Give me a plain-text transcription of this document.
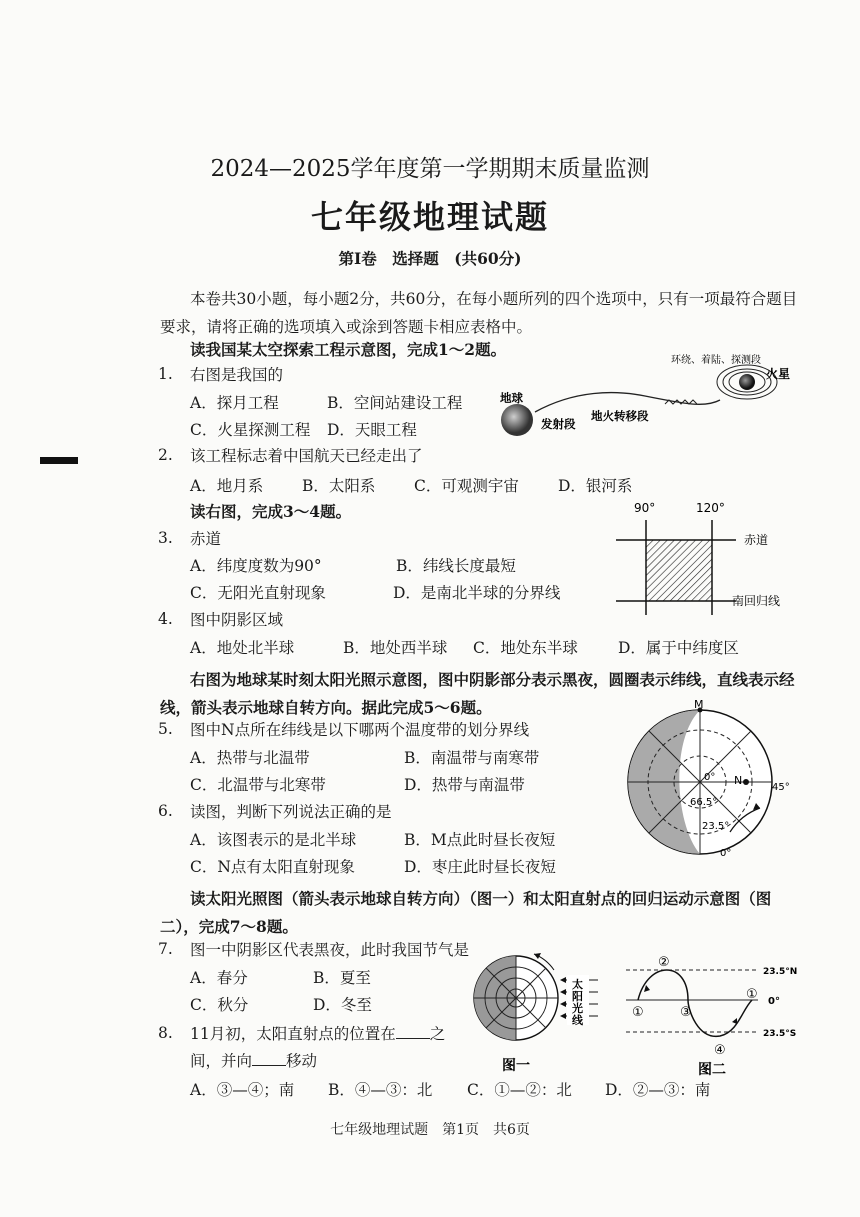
2024—2025学年度第一学期期末质量监测
七年级地理试题
第Ⅰ卷　选择题　(共60分)
本卷共30小题，每小题2分，共60分，在每小题所列的四个选项中，只有一项最符合题目要求，请将正确的选项填入或涂到答题卡相应表格中。
读我国某太空探索工程示意图，完成1～2题。
1. 右图是我国的
A．探月工程	B．空间站建设工程
C．火星探测工程 D．天眼工程
2. 该工程标志着中国航天已经走出了
A．地月系	B．太阳系 C．可观测宇宙	D．银河系
读右图，完成3～4题。
3. 赤道
A．纬度度数为90°	B．纬线长度最短
C．无阳光直射现象	D．是南北半球的分界线
4. 图中阴影区域
A．地处北半球	B．地处西半球 C．地处东半球	D．属于中纬度区
右图为地球某时刻太阳光照示意图，图中阴影部分表示黑夜，圆圈表示纬线，直线表示经线，箭头表示地球自转方向。据此完成5～6题。
5. 图中N点所在纬线是以下哪两个温度带的划分界线
A．热带与北温带	B．南温带与南寒带
C．北温带与北寒带	D．热带与南温带
6. 读图，判断下列说法正确的是
A．该图表示的是北半球	B．M点此时昼长夜短
C．N点有太阳直射现象	D．枣庄此时昼长夜短
读太阳光照图（箭头表示地球自转方向）（图一）和太阳直射点的回归运动示意图（图二），完成7～8题。
7. 图一中阴影区代表黑夜，此时我国节气是
A．春分	B．夏至
C．秋分	D．冬至
8. 11月初，太阳直射点的位置在 之
间，并向 移动
A．③—④；南 B．④—③：北 C．①—②：北 D．②—③：南
地球
发射段
地火转移段
环绕、着陆、探测段
火星
90°	120°
赤道
南回归线
M
N
0°
45°
66.5°
23.5°
0°
太
阳
光
线
图一
①
②
③
④
①
23.5°N
0°
23.5°S
图二
七年级地理试题　第1页　共6页
